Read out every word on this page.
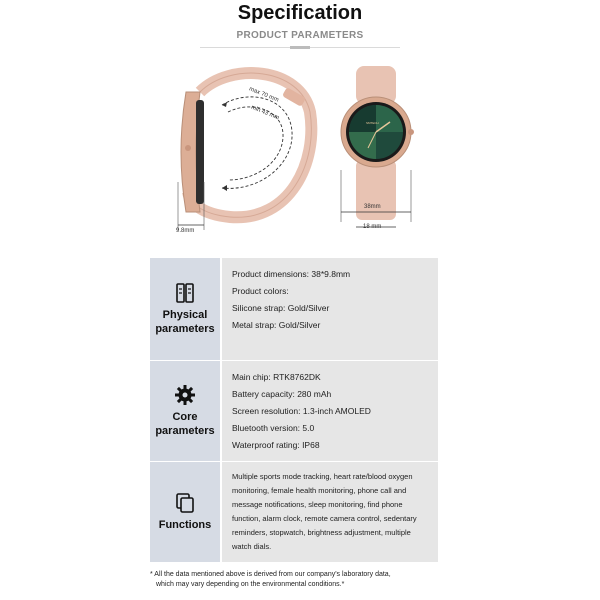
Specification
PRODUCT PARAMETERS
max 70 mm
min 43 mm
9.8mm
SMTECH
38mm
18 mm
Physical parameters
Product dimensions: 38*9.8mm
Product colors:
Silicone strap: Gold/Silver
Metal strap: Gold/Silver
Core parameters
Main chip: RTK8762DK
Battery capacity: 280 mAh
Screen resolution: 1.3-inch AMOLED
Bluetooth version: 5.0
Waterproof rating: IP68
Functions
Multiple sports mode tracking, heart rate/blood oxygen monitoring, female health monitoring, phone call and message notifications, sleep monitoring, find phone function, alarm clock, remote camera control, sedentary reminders, stopwatch, brightness adjustment, multiple watch dials.
* All the data mentioned above is derived from our company's laboratory data,
which may vary depending on the environmental conditions.*
